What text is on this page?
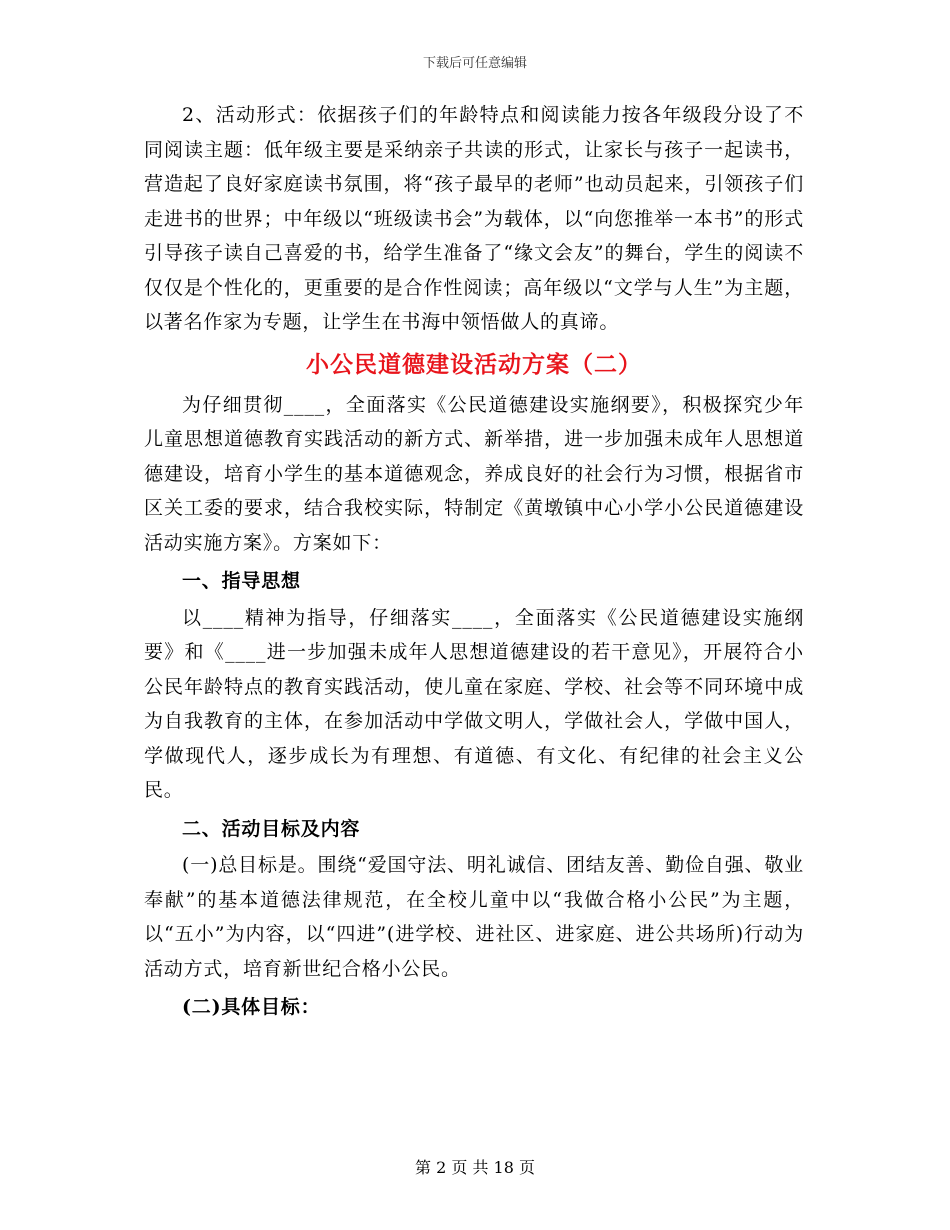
下载后可任意编辑

2、活动形式：依据孩子们的年龄特点和阅读能力按各年级段分设了不同阅读主题：低年级主要是采纳亲子共读的形式，让家长与孩子一起读书，营造起了良好家庭读书氛围，将“孩子最早的老师”也动员起来，引领孩子们走进书的世界；中年级以“班级读书会”为载体，以“向您推举一本书”的形式引导孩子读自己喜爱的书，给学生准备了“缘文会友”的舞台，学生的阅读不仅仅是个性化的，更重要的是合作性阅读；高年级以“文学与人生”为主题，以著名作家为专题，让学生在书海中领悟做人的真谛。

小公民道德建设活动方案（二）

为仔细贯彻____，全面落实《公民道德建设实施纲要》，积极探究少年儿童思想道德教育实践活动的新方式、新举措，进一步加强未成年人思想道德建设，培育小学生的基本道德观念，养成良好的社会行为习惯，根据省市区关工委的要求，结合我校实际，特制定《黄墩镇中心小学小公民道德建设活动实施方案》。方案如下：

一、指导思想

以____精神为指导，仔细落实____，全面落实《公民道德建设实施纲要》和《____进一步加强未成年人思想道德建设的若干意见》，开展符合小公民年龄特点的教育实践活动，使儿童在家庭、学校、社会等不同环境中成为自我教育的主体，在参加活动中学做文明人，学做社会人，学做中国人，学做现代人，逐步成长为有理想、有道德、有文化、有纪律的社会主义公民。

二、活动目标及内容

(一)总目标是。围绕“爱国守法、明礼诚信、团结友善、勤俭自强、敬业奉献”的基本道德法律规范，在全校儿童中以“我做合格小公民”为主题，以“五小”为内容，以“四进”(进学校、进社区、进家庭、进公共场所)行动为活动方式，培育新世纪合格小公民。

(二)具体目标：
第 2 页 共 18 页
